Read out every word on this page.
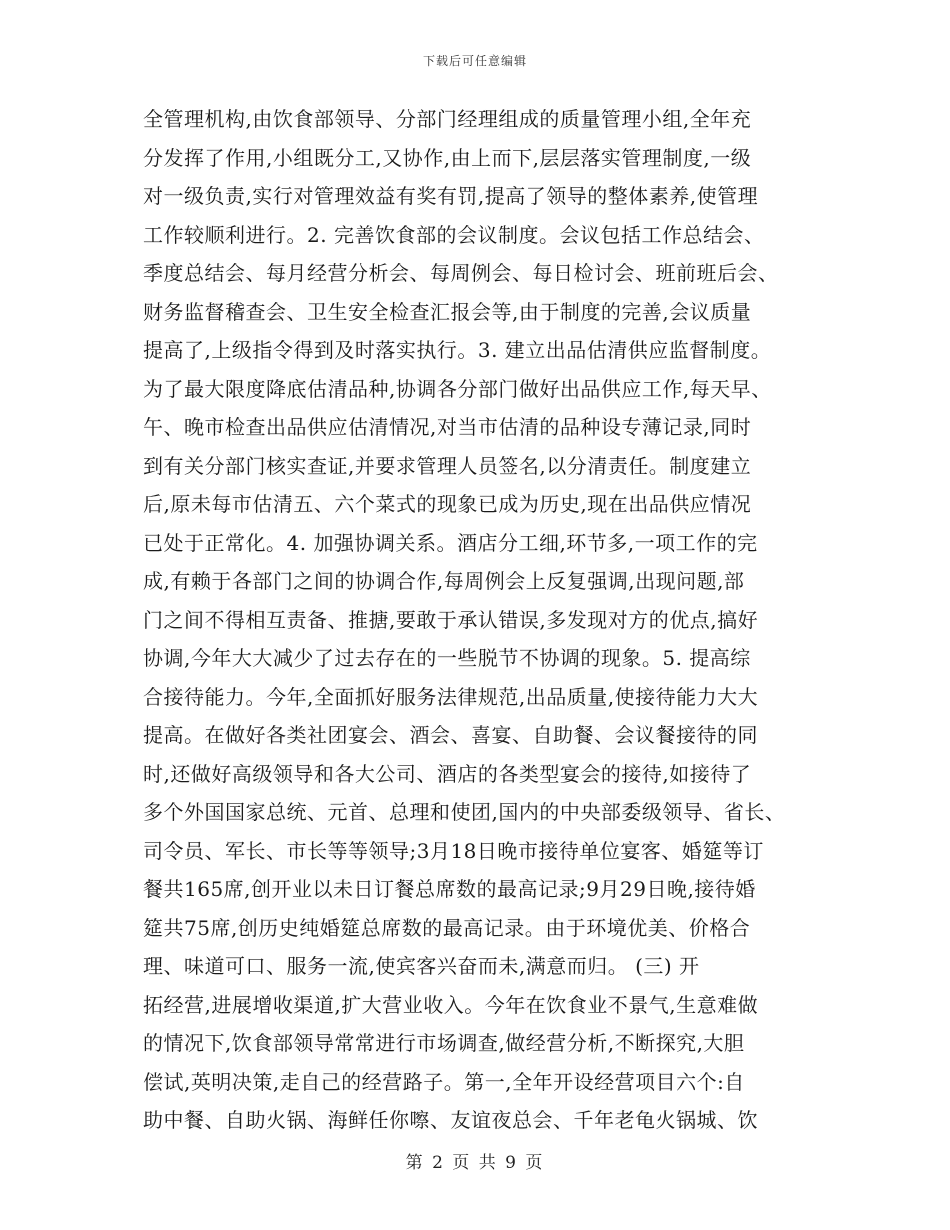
下载后可任意编辑
全管理机构,由饮食部领导、分部门经理组成的质量管理小组,全年充
分发挥了作用,小组既分工,又协作,由上而下,层层落实管理制度,一级
对一级负责,实行对管理效益有奖有罚,提高了领导的整体素养,使管理
工作较顺利进行。2. 完善饮食部的会议制度。会议包括工作总结会、
季度总结会、每月经营分析会、每周例会、每日检讨会、班前班后会、
财务监督稽查会、卫生安全检查汇报会等,由于制度的完善,会议质量
提高了,上级指令得到及时落实执行。3. 建立出品估清供应监督制度。
为了最大限度降底估清品种,协调各分部门做好出品供应工作,每天早、
午、晚市检查出品供应估清情况,对当市估清的品种设专薄记录,同时
到有关分部门核实查证,并要求管理人员签名,以分清责任。制度建立
后,原未每市估清五、六个菜式的现象已成为历史,现在出品供应情况
已处于正常化。4. 加强协调关系。酒店分工细,环节多,一项工作的完
成,有赖于各部门之间的协调合作,每周例会上反复强调,出现问题,部
门之间不得相互责备、推搪,要敢于承认错误,多发现对方的优点,搞好
协调,今年大大减少了过去存在的一些脱节不协调的现象。5. 提高综
合接待能力。今年,全面抓好服务法律规范,出品质量,使接待能力大大
提高。在做好各类社团宴会、酒会、喜宴、自助餐、会议餐接待的同
时,还做好高级领导和各大公司、酒店的各类型宴会的接待,如接待了
多个外国国家总统、元首、总理和使团,国内的中央部委级领导、省长、
司令员、军长、市长等等领导;3月18日晚市接待单位宴客、婚筵等订
餐共165席,创开业以未日订餐总席数的最高记录;9月29日晚,接待婚
筵共75席,创历史纯婚筵总席数的最高记录。由于环境优美、价格合
理、味道可口、服务一流,使宾客兴奋而未,满意而归。 (三) 开
拓经营,进展增收渠道,扩大营业收入。今年在饮食业不景气,生意难做
的情况下,饮食部领导常常进行市场调查,做经营分析,不断探究,大胆
偿试,英明决策,走自己的经营路子。第一,全年开设经营项目六个:自
助中餐、自助火锅、海鲜任你嚓、友谊夜总会、千年老龟火锅城、饮
第 2 页 共 9 页
